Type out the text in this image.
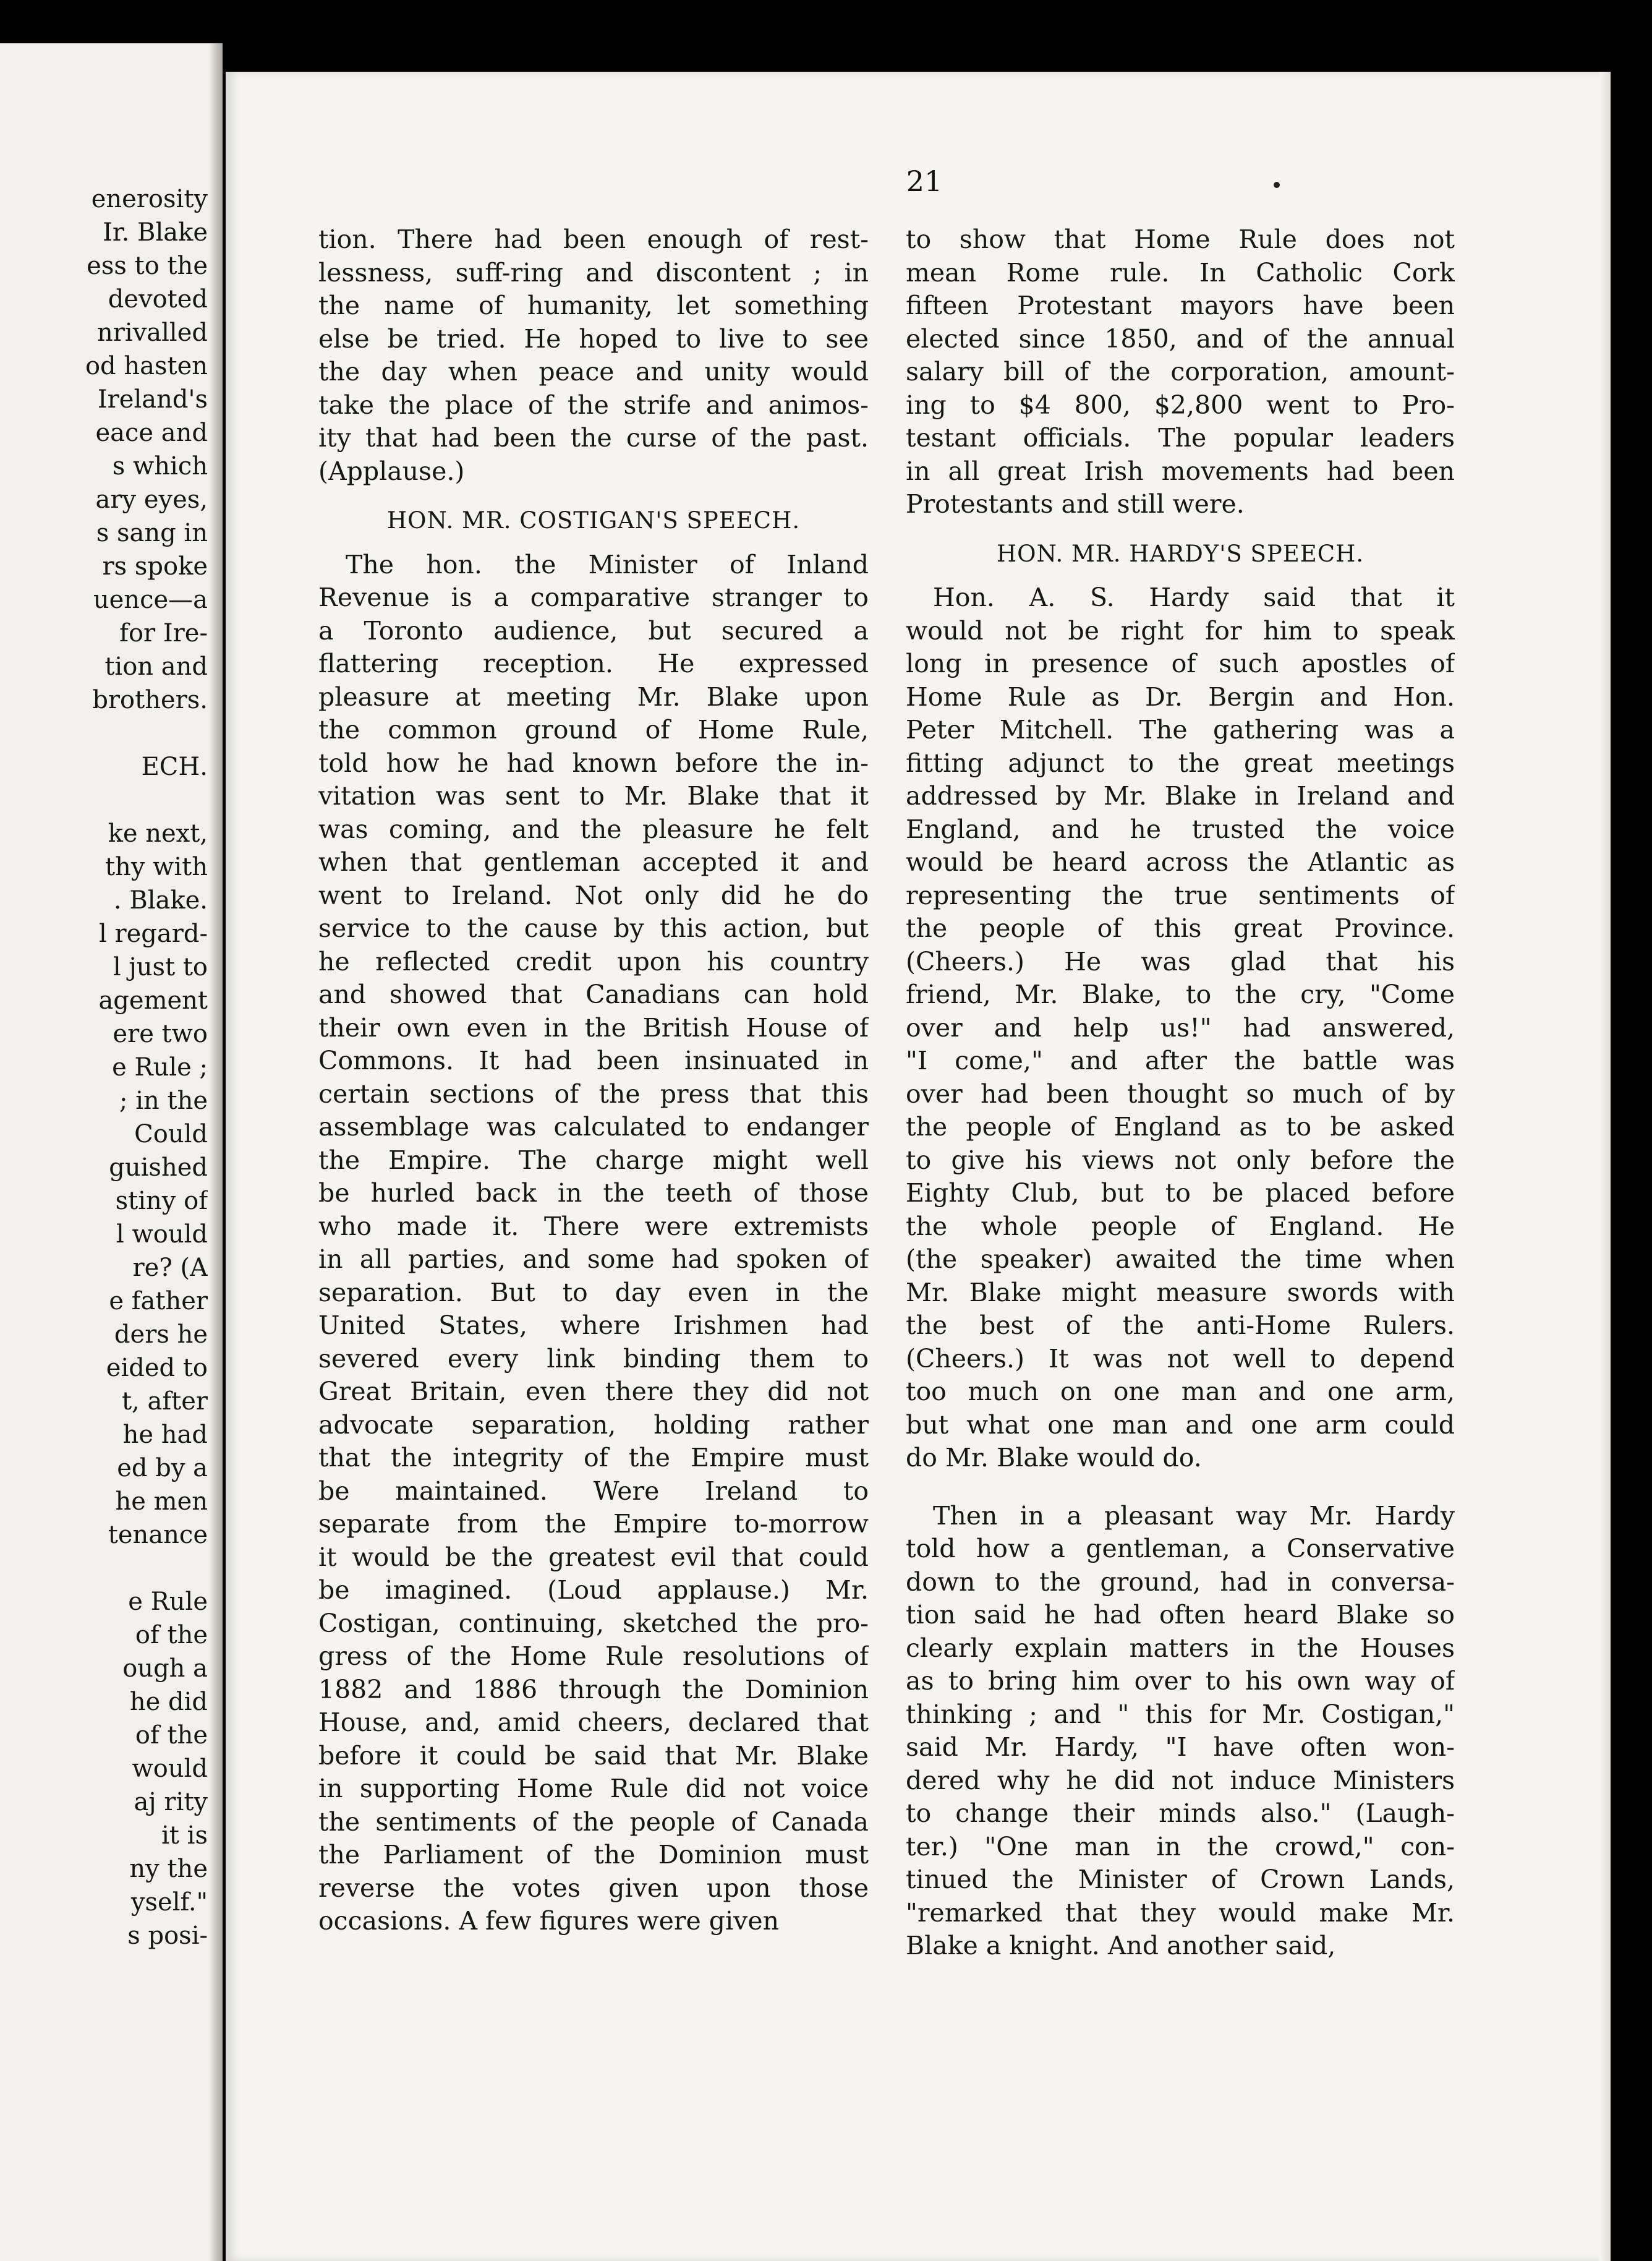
enerosity
Ir. Blake
ess to the
devoted
nrivalled
od hasten
Ireland's
eace and
s which
ary eyes,
s sang in
rs spoke
uence—a
for Ire-
tion and
brothers.
ECH.
ke next,
thy with
. Blake.
l regard-
l just to
agement
ere two
e Rule ;
; in the
Could
guished
stiny of
l would
re? (A
e father
ders he
eided to
t, after
he had
ed by a
he men
tenance
e Rule
of the
ough a
he did
of the
would
aj rity
it is
ny the
yself."
s posi-
21
tion. There had been enough of rest-
lessness, suff-ring and discontent ; in
the name of humanity, let something
else be tried. He hoped to live to see
the day when peace and unity would
take the place of the strife and animos-
ity that had been the curse of the past.
(Applause.)
HON. MR. COSTIGAN'S SPEECH.
The hon. the Minister of Inland
Revenue is a comparative stranger to
a Toronto audience, but secured a
flattering reception. He expressed
pleasure at meeting Mr. Blake upon
the common ground of Home Rule,
told how he had known before the in-
vitation was sent to Mr. Blake that it
was coming, and the pleasure he felt
when that gentleman accepted it and
went to Ireland. Not only did he do
service to the cause by this action, but
he reflected credit upon his country
and showed that Canadians can hold
their own even in the British House of
Commons. It had been insinuated in
certain sections of the press that this
assemblage was calculated to endanger
the Empire. The charge might well
be hurled back in the teeth of those
who made it. There were extremists
in all parties, and some had spoken of
separation. But to day even in the
United States, where Irishmen had
severed every link binding them to
Great Britain, even there they did not
advocate separation, holding rather
that the integrity of the Empire must
be maintained. Were Ireland to
separate from the Empire to-morrow
it would be the greatest evil that could
be imagined. (Loud applause.) Mr.
Costigan, continuing, sketched the pro-
gress of the Home Rule resolutions of
1882 and 1886 through the Dominion
House, and, amid cheers, declared that
before it could be said that Mr. Blake
in supporting Home Rule did not voice
the sentiments of the people of Canada
the Parliament of the Dominion must
reverse the votes given upon those
occasions. A few figures were given
to show that Home Rule does not
mean Rome rule. In Catholic Cork
fifteen Protestant mayors have been
elected since 1850, and of the annual
salary bill of the corporation, amount-
ing to $4 800, $2,800 went to Pro-
testant officials. The popular leaders
in all great Irish movements had been
Protestants and still were.
HON. MR. HARDY'S SPEECH.
Hon. A. S. Hardy said that it
would not be right for him to speak
long in presence of such apostles of
Home Rule as Dr. Bergin and Hon.
Peter Mitchell. The gathering was a
fitting adjunct to the great meetings
addressed by Mr. Blake in Ireland and
England, and he trusted the voice
would be heard across the Atlantic as
representing the true sentiments of
the people of this great Province.
(Cheers.) He was glad that his
friend, Mr. Blake, to the cry, "Come
over and help us!" had answered,
"I come," and after the battle was
over had been thought so much of by
the people of England as to be asked
to give his views not only before the
Eighty Club, but to be placed before
the whole people of England. He
(the speaker) awaited the time when
Mr. Blake might measure swords with
the best of the anti-Home Rulers.
(Cheers.) It was not well to depend
too much on one man and one arm,
but what one man and one arm could
do Mr. Blake would do.
Then in a pleasant way Mr. Hardy
told how a gentleman, a Conservative
down to the ground, had in conversa-
tion said he had often heard Blake so
clearly explain matters in the Houses
as to bring him over to his own way of
thinking ; and " this for Mr. Costigan,"
said Mr. Hardy, "I have often won-
dered why he did not induce Ministers
to change their minds also." (Laugh-
ter.) "One man in the crowd," con-
tinued the Minister of Crown Lands,
"remarked that they would make Mr.
Blake a knight. And another said,
